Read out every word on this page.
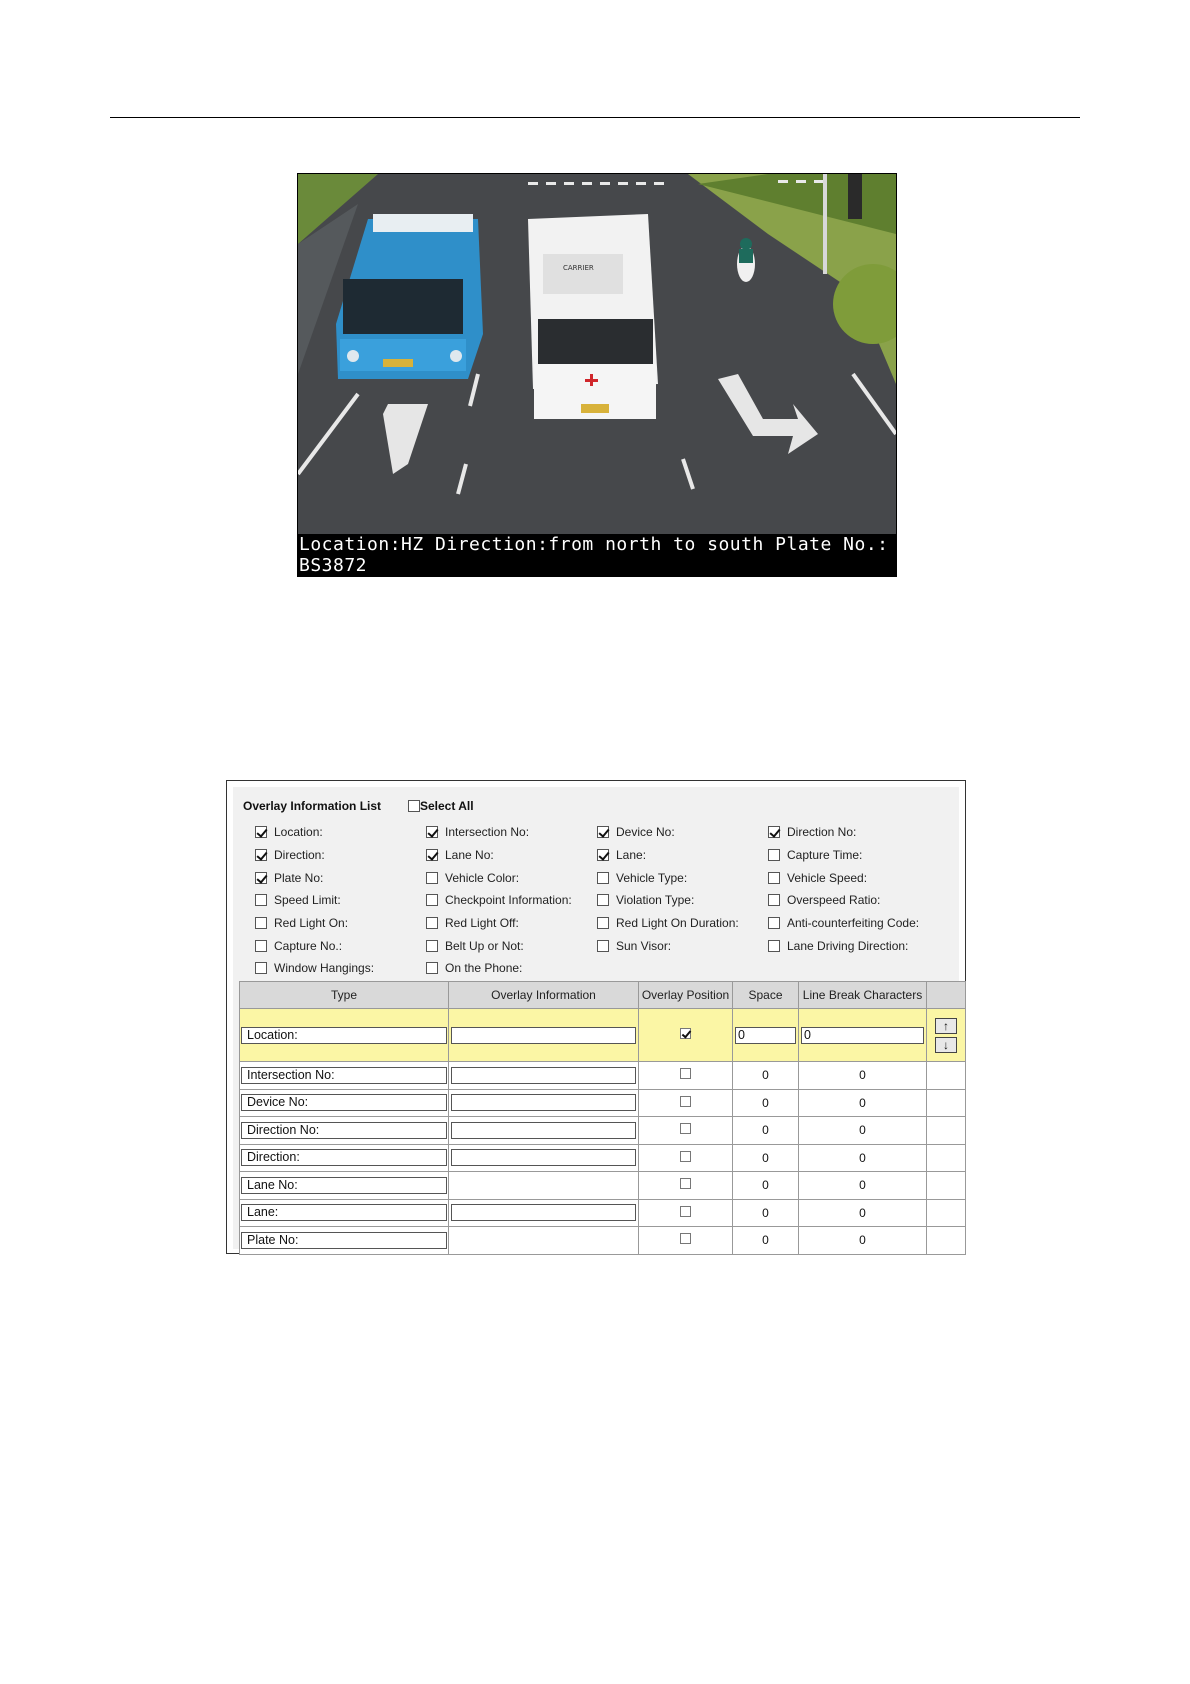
CARRIER
Location:HZ Direction:from north to south Plate No.:
BS3872
Overlay Information List	Select All
Location:	Intersection No:	Device No:	Direction No:
Direction:	Lane No:	Lane:	Capture Time:
Plate No:	Vehicle Color:	Vehicle Type:	Vehicle Speed:
Speed Limit:	Checkpoint Information:	Violation Type:	Overspeed Ratio:
Red Light On:	Red Light Off:	Red Light On Duration:	Anti-counterfeiting Code:
Capture No.:	Belt Up or Not:	Sun Visor:	Lane Driving Direction:
Window Hangings:	On the Phone:
Type	Overlay Information	Overlay Position	Space	Line Break Characters	

Location:			0	0	↑
↓

Intersection No:			0	0	

Device No:			0	0	

Direction No:			0	0	

Direction:			0	0	

Lane No:			0	0	

Lane:			0	0	

Plate No:			0	0	
